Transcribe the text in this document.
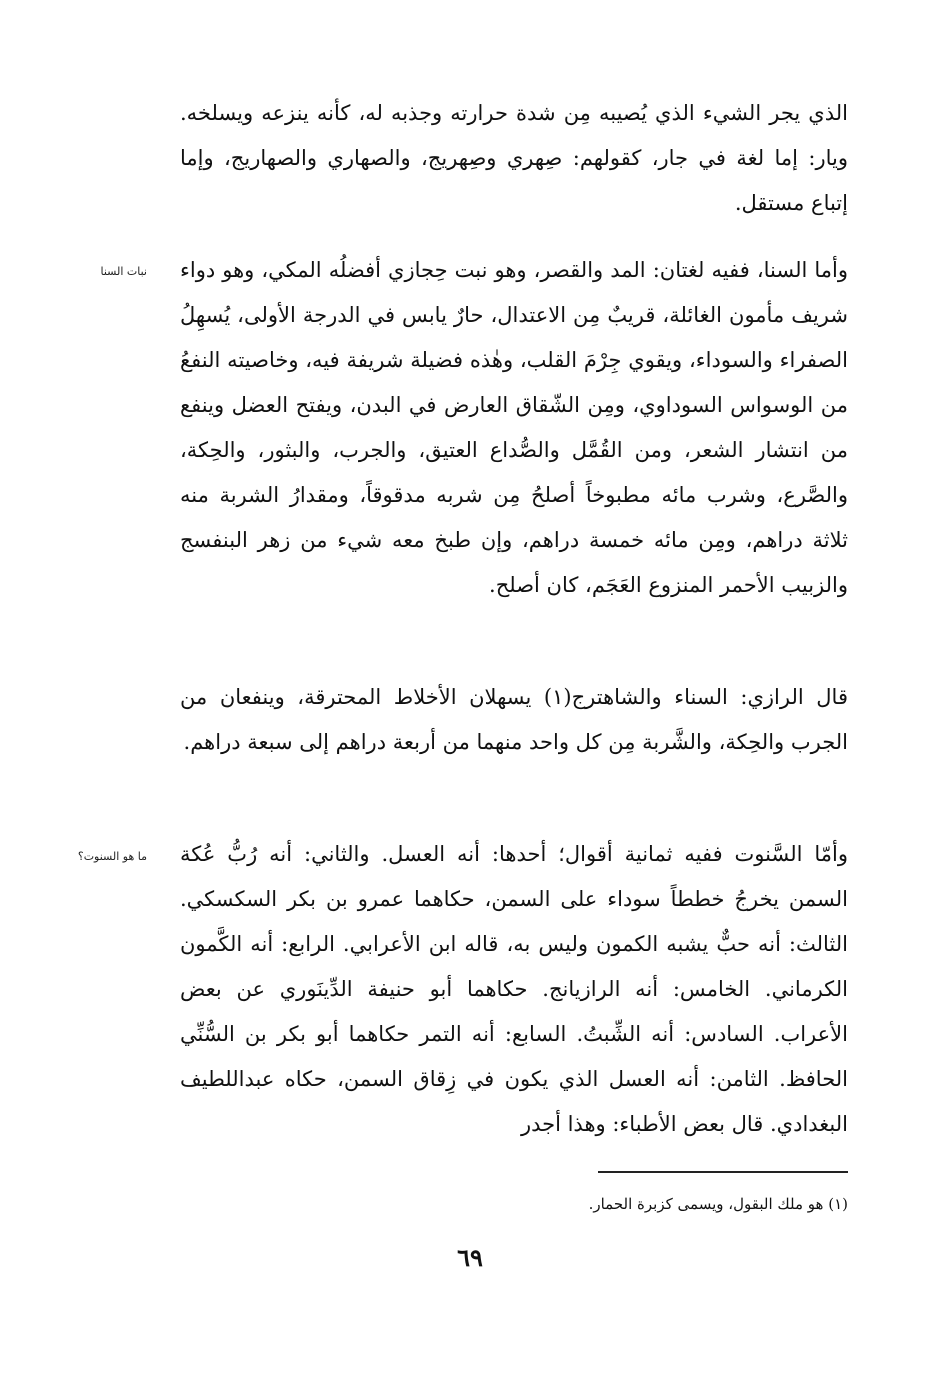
الذي يجر الشيء الذي يُصيبه مِن شدة حرارته وجذبه له، كأنه ينزعه ويسلخه. ويار: إما لغة في جار، كقولهم: صِهري وصِهريج، والصهاري والصهاريج، وإما إتباع مستقل.

نبات السنا وأما السنا، ففيه لغتان: المد والقصر، وهو نبت حِجازي أفضلُه المكي، وهو دواء شريف مأمون الغائلة، قريبٌ مِن الاعتدال، حارٌ يابس في الدرجة الأولى، يُسهِلُ الصفراء والسوداء، ويقوي جِرْمَ القلب، وهٰذه فضيلة شريفة فيه، وخاصيته النفعُ من الوسواس السوداوي، ومِن الشّقاق العارض في البدن، ويفتح العضل وينفع من انتشار الشعر، ومن القُمَّل والصُّداع العتيق، والجرب، والبثور، والحِكة، والصَّرع، وشرب مائه مطبوخاً أصلحُ مِن شربه مدقوقاً، ومقدارُ الشربة منه ثلاثة دراهم، ومِن مائه خمسة دراهم، وإن طبخ معه شيء من زهر البنفسج والزبيب الأحمر المنزوع العَجَم، كان أصلح.

قال الرازي: السناء والشاهترج(١) يسهلان الأخلاط المحترقة، وينفعان من الجرب والحِكة، والشَّربة مِن كل واحد منهما من أربعة دراهم إلى سبعة دراهم.

ما هو السنوت؟ وأمّا السَّنوت ففيه ثمانية أقوال؛ أحدها: أنه العسل. والثاني: أنه رُبُّ عُكة السمن يخرجُ خططاً سوداء على السمن، حكاهما عمرو بن بكر السكسكي. الثالث: أنه حبٌّ يشبه الكمون وليس به، قاله ابن الأعرابي. الرابع: أنه الكَّمون الكرماني. الخامس: أنه الرازيانج. حكاهما أبو حنيفة الدِّينَوري عن بعض الأعراب. السادس: أنه الشِّبتُ. السابع: أنه التمر حكاهما أبو بكر بن السُّنِّي الحافظ. الثامن: أنه العسل الذي يكون في زِقاق السمن، حكاه عبداللطيف البغدادي. قال بعض الأطباء: وهذا أجدر

(١) هو ملك البقول، ويسمى كزبرة الحمار.
٦٩
